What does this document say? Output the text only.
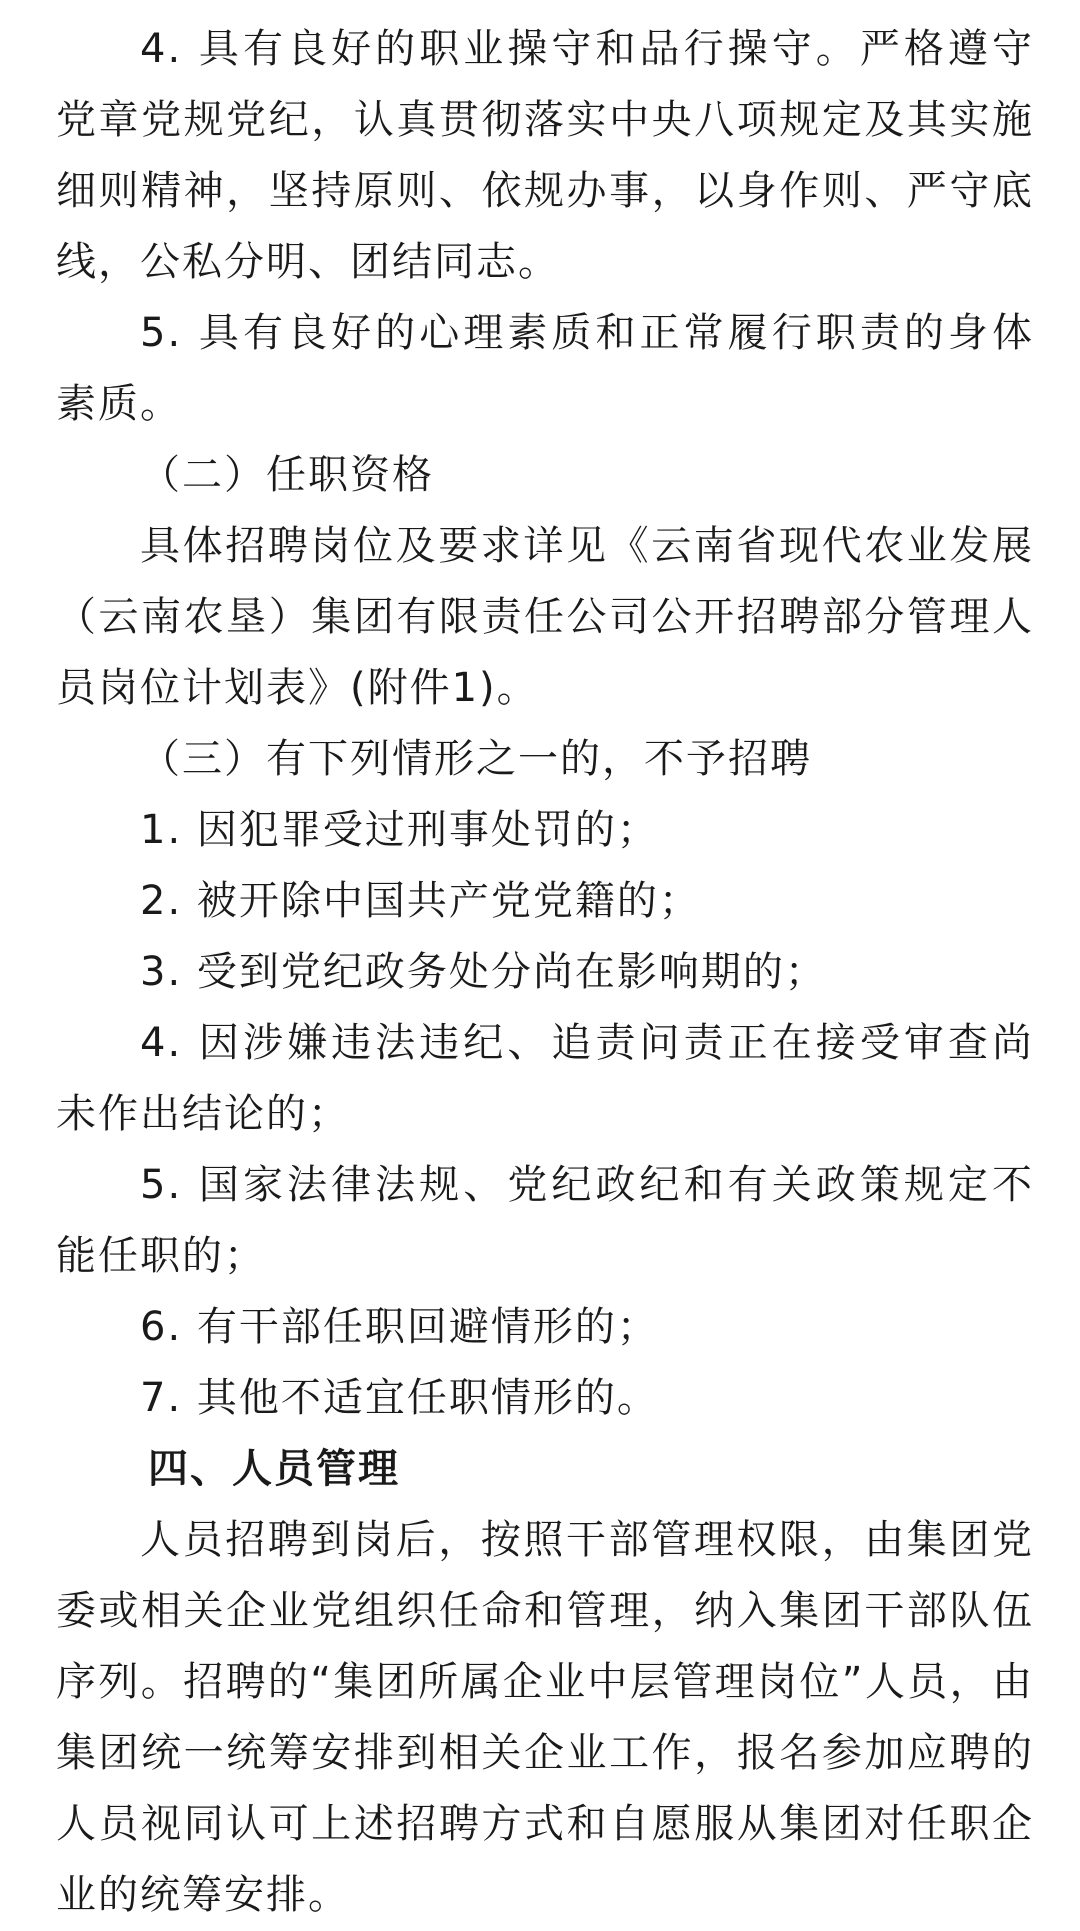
4. 具有良好的职业操守和品行操守。严格遵守党章党规党纪，认真贯彻落实中央八项规定及其实施细则精神，坚持原则、依规办事，以身作则、严守底线，公私分明、团结同志。

5. 具有良好的心理素质和正常履行职责的身体素质。

（二）任职资格

具体招聘岗位及要求详见《云南省现代农业发展（云南农垦）集团有限责任公司公开招聘部分管理人员岗位计划表》(附件1)。

（三）有下列情形之一的，不予招聘

1. 因犯罪受过刑事处罚的；

2. 被开除中国共产党党籍的；

3. 受到党纪政务处分尚在影响期的；

4. 因涉嫌违法违纪、追责问责正在接受审查尚未作出结论的；

5. 国家法律法规、党纪政纪和有关政策规定不能任职的；

6. 有干部任职回避情形的；

7. 其他不适宜任职情形的。

四、人员管理

人员招聘到岗后，按照干部管理权限，由集团党委或相关企业党组织任命和管理，纳入集团干部队伍序列。招聘的“集团所属企业中层管理岗位”人员，由集团统一统筹安排到相关企业工作，报名参加应聘的人员视同认可上述招聘方式和自愿服从集团对任职企业的统筹安排。
